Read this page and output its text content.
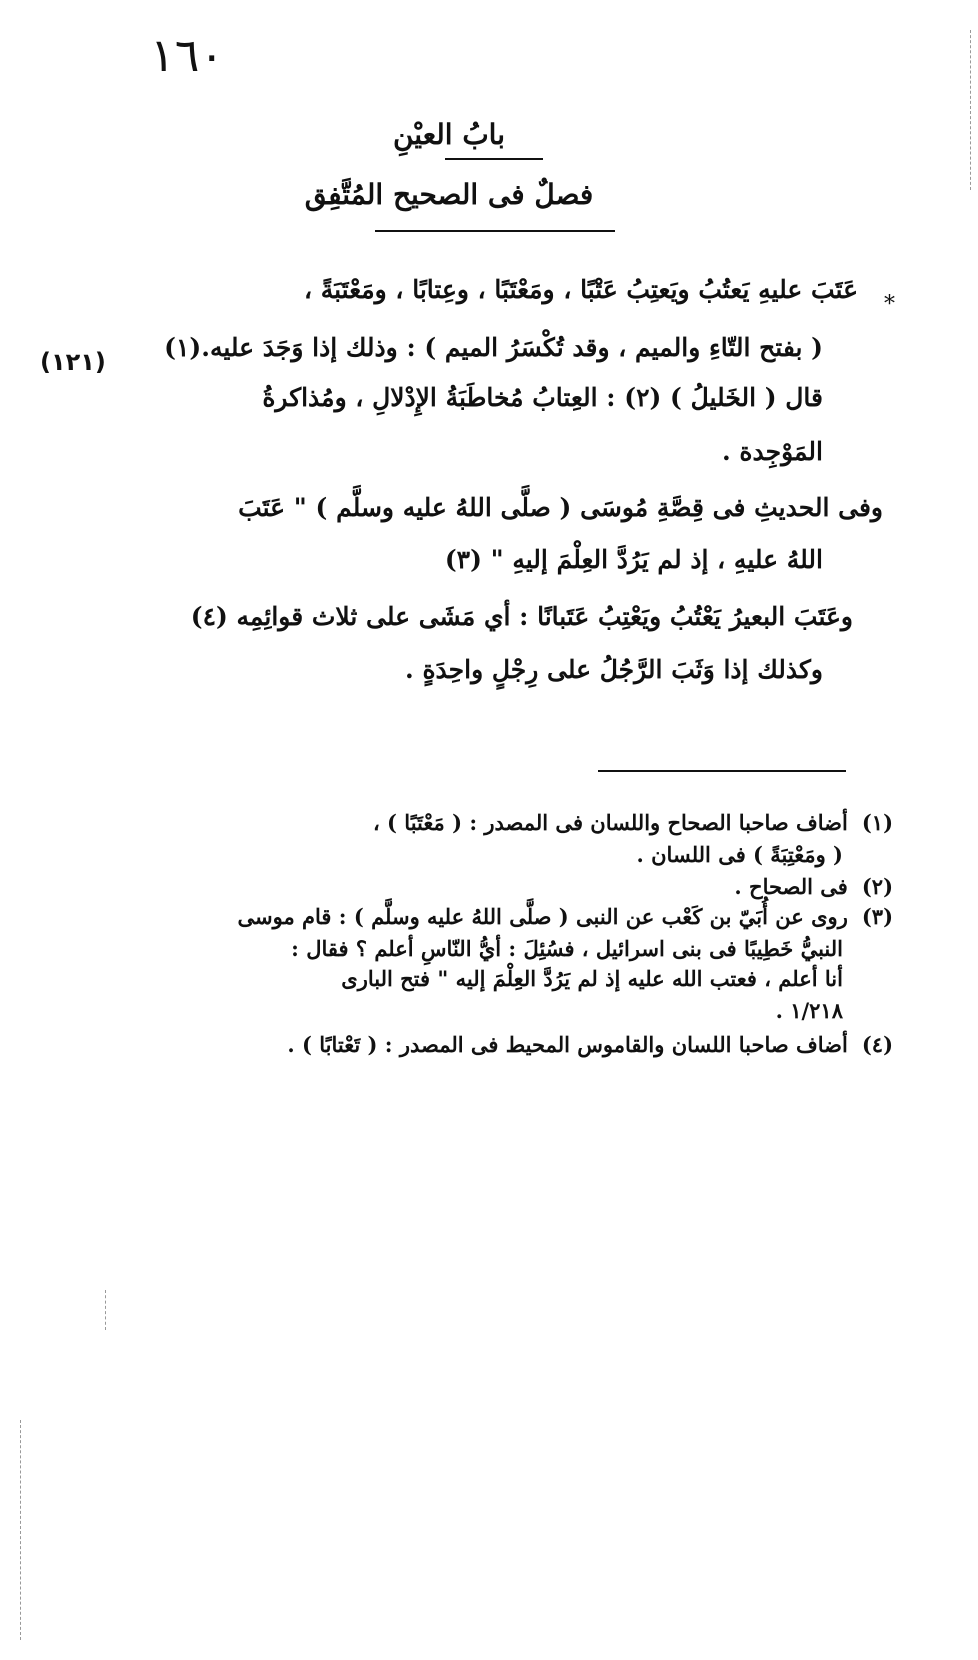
١٦٠
بابُ العيْنِ
فصلٌ فى الصحيح المُتَّفِق
*
(١٢١)
عَتَبَ عليهِ يَعتُبُ ويَعتِبُ عَتْبًا ، ومَعْتَبًا ، وعِتابًا ، ومَعْتَبَةً ،
( بفتح التّاءِ والميم ، وقد تُكْسَرُ الميم ) : وذلك إذا وَجَدَ عليه.(١)
قال ( الخَليلُ ) (٢) : العِتابُ مُخاطَبَةُ الإِدْلالِ ، ومُذاكرةُ
المَوْجِدة .
وفى الحديثِ فى قِصَّةِ مُوسَى ( صلَّى اللهُ عليه وسلَّم ) " عَتَبَ
اللهُ عليهِ ، إذ لم يَرُدَّ العِلْمَ إليهِ " (٣)
وعَتَبَ البعيرُ يَعْتُبُ ويَعْتِبُ عَتَبانًا : أي مَشَى على ثلاث قوائِمِه (٤)
وكذلك إذا وَثَبَ الرَّجُلُ على رِجْلٍ واحِدَةٍ .
(١)أضاف صاحبا الصحاح واللسان فى المصدر : ( مَعْتَبًا ) ،
( ومَعْتِبَةً ) فى اللسان .
(٢)فى الصحاح .
(٣)روى عن أُبَيّ بن كَعْب عن النبى ( صلَّى اللهُ عليه وسلَّم ) : قام موسى
النبيُّ خَطِيبًا فى بنى اسرائيل ، فسُئِلَ : أيُّ النّاسِ أعلم ؟ فقال :
أنا أعلم ، فعتب الله عليه إذ لم يَرُدَّ العِلْمَ إليه " فتح البارى
١/٢١٨ .
(٤)أضاف صاحبا اللسان والقاموس المحيط فى المصدر : ( تَعْتابًا ) .
